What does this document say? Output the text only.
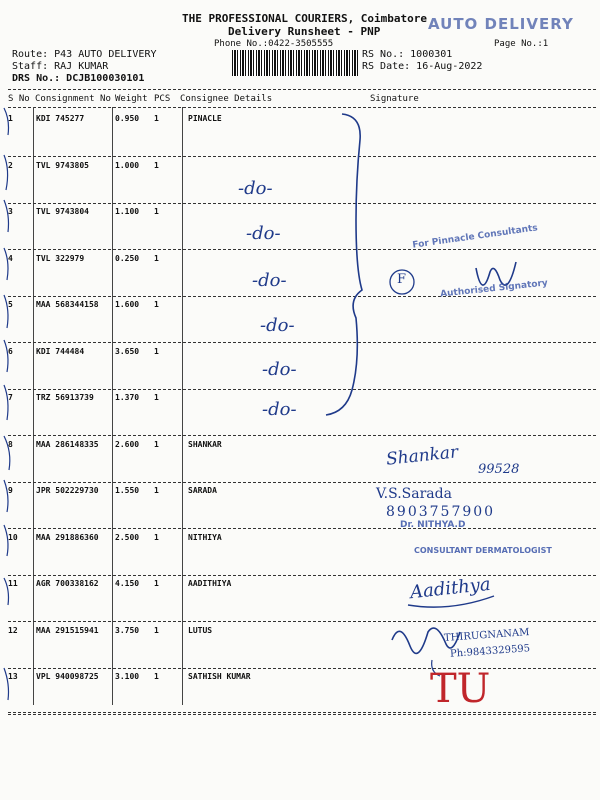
THE PROFESSIONAL COURIERS, Coimbatore
Delivery Runsheet - PNP	AUTO DELIVERY
Phone No.:0422-3505555	Page No.:1
Route: P43 AUTO DELIVERY
Staff: RAJ KUMAR
DRS No.: DCJB100030101
RS No.: 1000301
RS Date: 16-Aug-2022
S No Consignment No Weight PCS Consignee Details	Signature
1	KDI 745277	0.950 1	PINACLE
2	TVL 9743805	1.000 1
3	TVL 9743804	1.100 1
4	TVL 322979	0.250 1
5	MAA 568344158 1.600 1
6	KDI 744484	3.650 1
7	TRZ 56913739	1.370 1
8	MAA 286148335 2.600 1	SHANKAR
9	JPR 502229730 1.550 1	SARADA
10 MAA 291886360 2.500 1	NITHIYA
11 AGR 700338162 4.150 1	AADITHIYA
12 MAA 291515941 3.750 1	LUTUS
13 VPL 940098725 3.100 1	SATHISH KUMAR
-do-
-do-
-do-
-do-
-do-
-do-
For Pinnacle Consultants
Authorised Signatory
F
Shankar 99528
V.S.Sarada
8903757900
Dr. NITHYA.D
CONSULTANT DERMATOLOGIST
Aadithya
THIRUGNANAM
Ph:9843329595
TU
